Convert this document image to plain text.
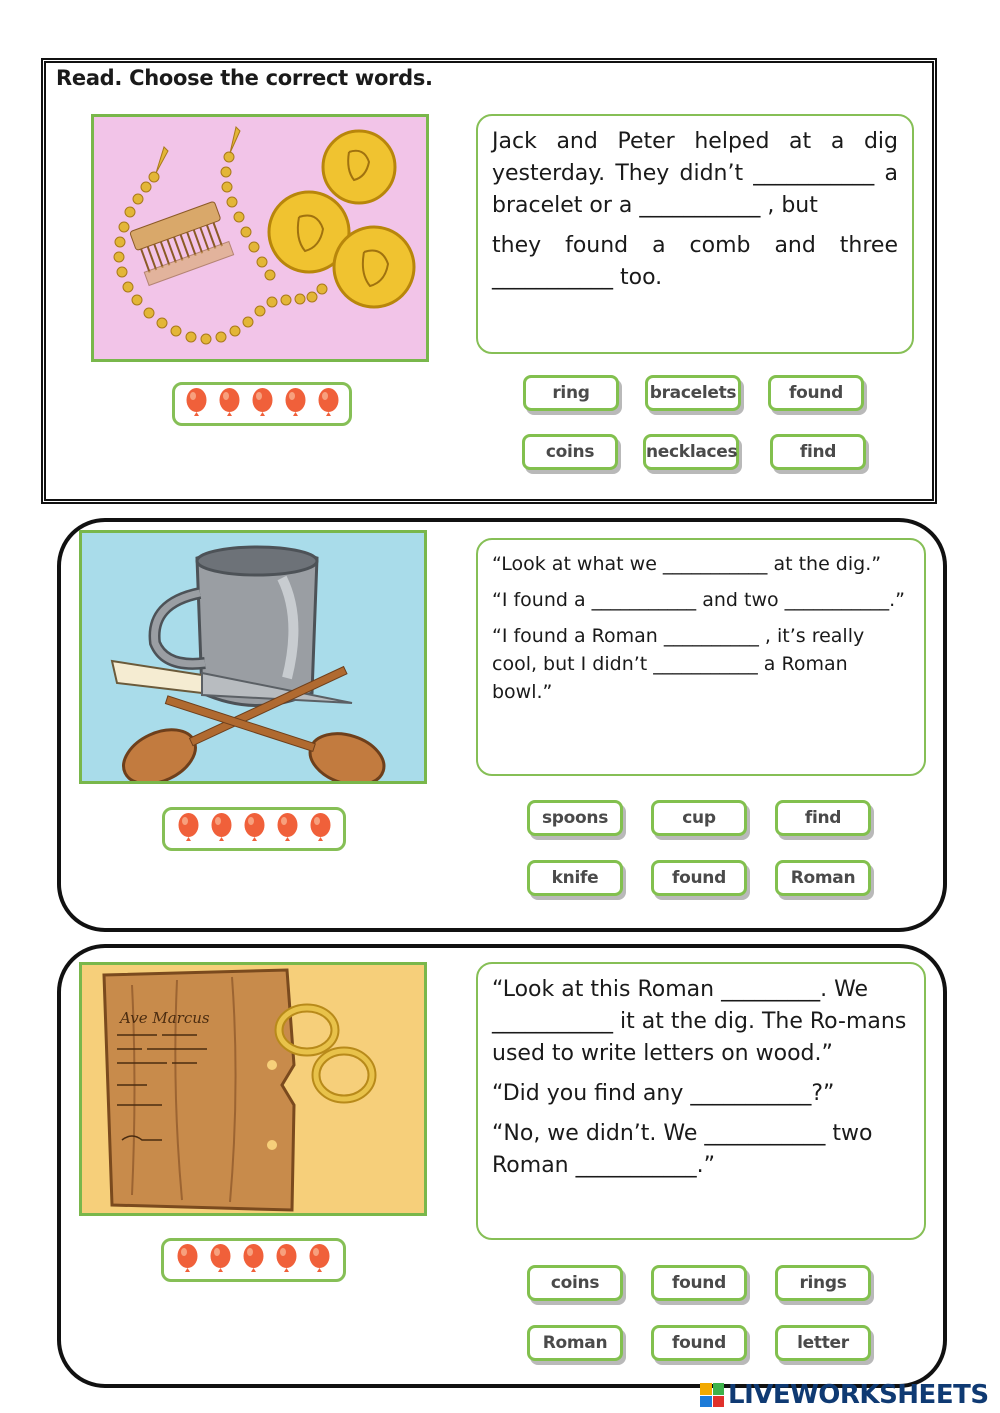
Read. Choose the correct words.

Jack and Peter helped at a dig yesterday. They didn’t ___________ a bracelet or a ___________ , but

they found a comb and three ___________ too.

ring	bracelets	found
coins	necklaces	find

“Look at what we ___________ at the dig.”

“I found a ___________ and two ___________.”

“I found a Roman __________ , it’s really cool, but I didn’t ___________ a Roman bowl.”

spoons	cup	find
knife	found	Roman
Ave Marcus

“Look at this Roman _________. We ___________ it at the dig. The Ro-mans used to write letters on wood.”

“Did you find any ___________?”

“No, we didn’t. We ___________ two Roman ___________.”

coins	found	rings
Roman	found	letter
LIVEWORKSHEETS
